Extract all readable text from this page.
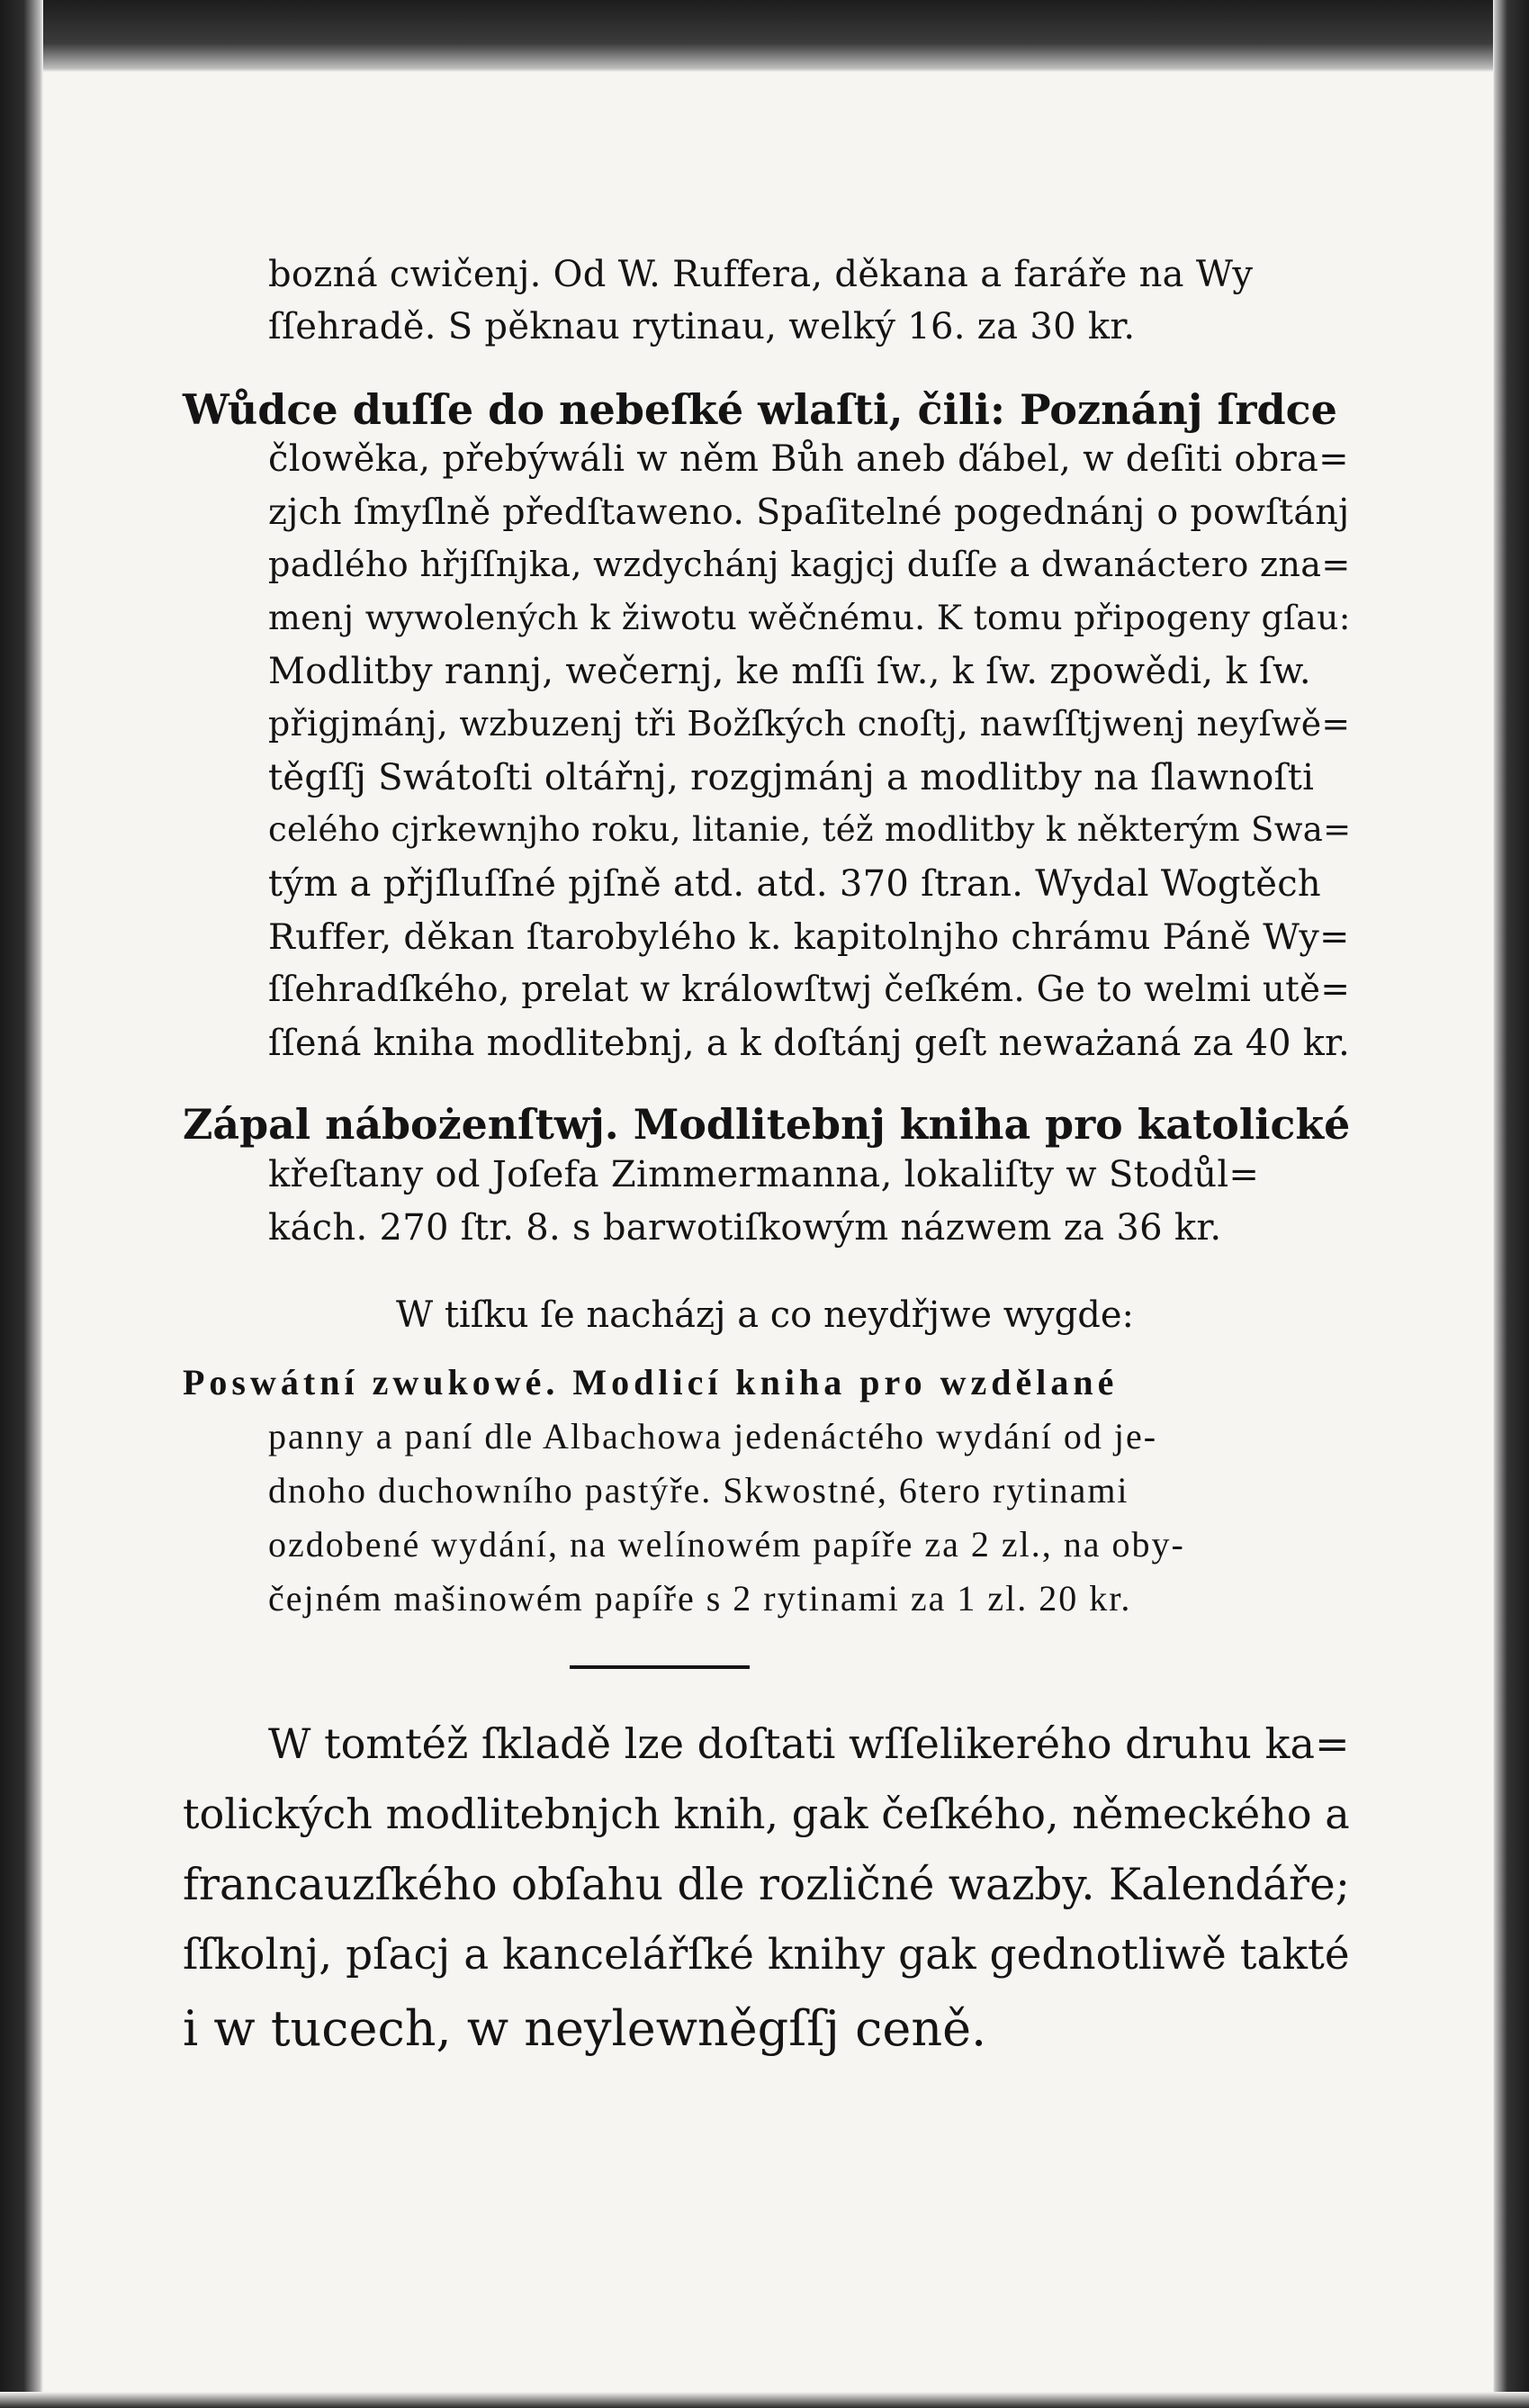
bozná cwičenj. Od W. Ruffera, děkana a faráře na Wy
ſſehradě. S pěknau rytinau, welký 16. za 30 kr.
Wůdce duſſe do nebeſké wlaſti, čili: Poznánj ſrdce
člowěka, přebýwáli w něm Bůh aneb ďábel, w deſiti obra=
zjch ſmyſlně předſtaweno. Spaſitelné pogednánj o powſtánj
padlého hřjſſnjka, wzdychánj kagjcj duſſe a dwanáctero zna=
menj wywolených k žiwotu wěčnému. K tomu připogeny gſau:
Modlitby rannj, wečernj, ke mſſi ſw., k ſw. zpowědi, k ſw.
přigjmánj, wzbuzenj tři Božſkých cnoſtj, nawſſtjwenj neyſwě=
těgſſj Swátoſti oltářnj, rozgjmánj a modlitby na ſlawnoſti
celého cjrkewnjho roku, litanie, též modlitby k některým Swa=
tým a přjſluſſné pjſně atd. atd. 370 ſtran. Wydal Wogtěch
Ruffer, děkan ſtarobylého k. kapitolnjho chrámu Páně Wy=
ſſehradſkého, prelat w králowſtwj čeſkém. Ge to welmi utě=
ſſená kniha modlitebnj, a k doſtánj geſt neważaná za 40 kr.
Zápal nábożenſtwj. Modlitebnj kniha pro katolické
křeſtany od Joſefa Zimmermanna, lokaliſty w Stodůl=
kách. 270 ſtr. 8. s barwotiſkowým názwem za 36 kr.
W tiſku ſe nacházj a co neydřjwe wygde:
Poswátní zwukowé. Modlicí kniha pro wzdělané
panny a paní dle Albachowa jedenáctého wydání od je-
dnoho duchowního pastýře. Skwostné, 6tero rytinami
ozdobené wydání, na welínowém papíře za 2 zl., na oby-
čejném mašinowém papíře s 2 rytinami za 1 zl. 20 kr.
W tomtéž ſkladě lze doſtati wſſelikerého druhu ka=
tolických modlitebnjch knih, gak čeſkého, německého a
francauzſkého obſahu dle rozličné wazby. Kalendáře;
ſſkolnj, pſacj a kancelářſké knihy gak gednotliwě takté
i w tucech, w neylewněgſſj ceně.
